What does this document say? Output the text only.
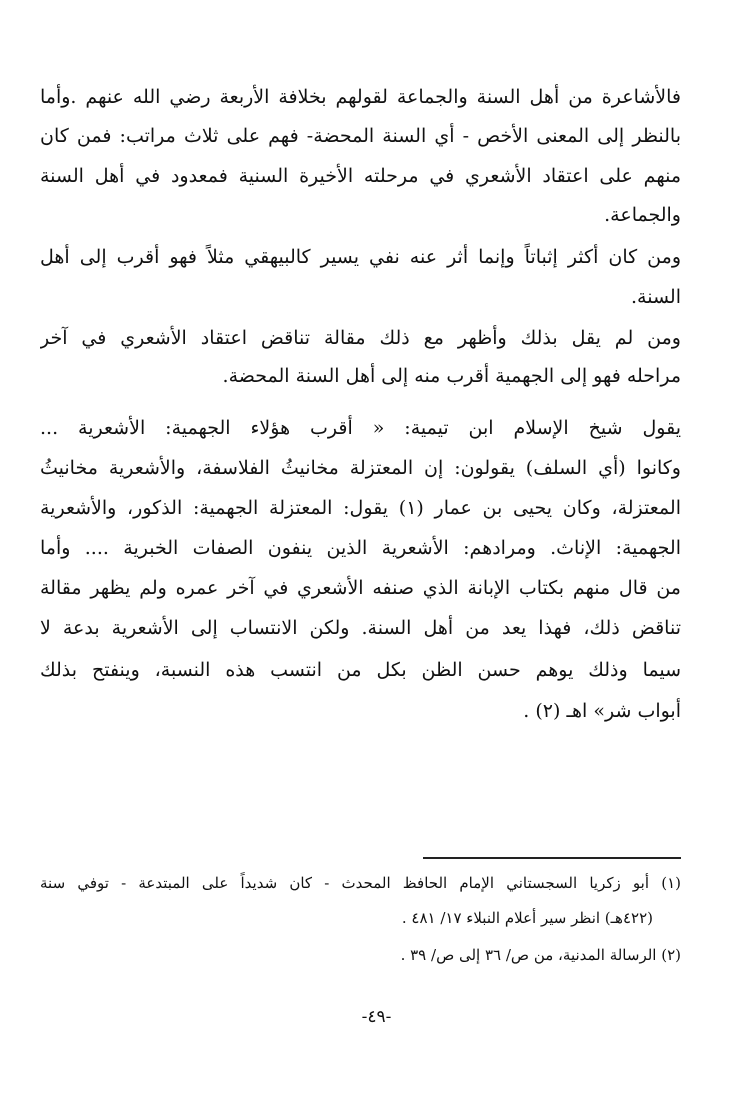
فالأشاعرة من أهل السنة والجماعة لقولهم بخلافة الأربعة رضي الله عنهم .وأما
بالنظر إلى المعنى الأخص - أي السنة المحضة- فهم على ثلاث مراتب: فمن كان
منهم على اعتقاد الأشعري في مرحلته الأخيرة السنية فمعدود في أهل السنة
والجماعة.
ومن كان أكثر إثباتاً وإنما أثر عنه نفي يسير كالبيهقي مثلاً فهو أقرب إلى أهل
السنة.
ومن لم يقل بذلك وأظهر مع ذلك مقالة تناقض اعتقاد الأشعري في آخر
مراحله فهو إلى الجهمية أقرب منه إلى أهل السنة المحضة.
يقول شيخ الإسلام ابن تيمية: « أقرب هؤلاء الجهمية: الأشعرية ...
وكانوا (أي السلف) يقولون: إن المعتزلة مخانيثُ الفلاسفة، والأشعرية مخانيثُ
المعتزلة، وكان يحيى بن عمار (١) يقول: المعتزلة الجهمية: الذكور، والأشعرية
الجهمية: الإناث. ومرادهم: الأشعرية الذين ينفون الصفات الخبرية .... وأما
من قال منهم بكتاب الإبانة الذي صنفه الأشعري في آخر عمره ولم يظهر مقالة
تناقض ذلك، فهذا يعد من أهل السنة. ولكن الانتساب إلى الأشعرية بدعة لا
سيما وذلك يوهم حسن الظن بكل من انتسب هذه النسبة، وينفتح بذلك
أبواب شر» اهـ (٢) .
(١) أبو زكريا السجستاني الإمام الحافظ المحدث - كان شديداً على المبتدعة - توفي سنة
(٤٢٢هـ) انظر سير أعلام النبلاء ١٧/ ٤٨١ .
(٢) الرسالة المدنية، من ص/ ٣٦ إلى ص/ ٣٩ .
-٤٩-
